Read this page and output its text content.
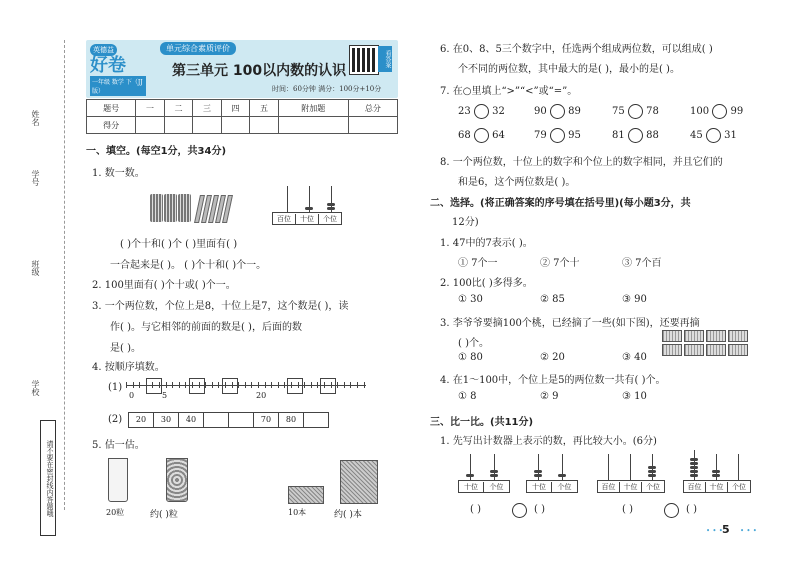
姓名
班级
学号
学校
请不要在密封线内答题哦
英德益
好卷
一年级 数学 下（JJ版）
单元综合素质评价
第三单元 100以内数的认识
看答案
时间：60分钟 满分：100分+10分
题号	一	二	三	四	五	附加题	总分
得分							
一、填空。(每空1分，共34分)
1. 数一数。
百位 十位 个位
( )个十和( )个 ( )里面有( )
一合起来是( )。 ( )个十和( )个一。
2. 100里面有( )个十或( )个一。
3. 一个两位数，个位上是8，十位上是7，这个数是( )，读
作( )。与它相邻的前面的数是( )，后面的数
是( )。
4. 按顺序填数。
(1)
0	5	20
(2)	20	30	40	70	80
5. 估一估。
20粒	约( )粒	10本	约( )本
6. 在0、8、5三个数字中，任选两个组成两位数，可以组成( )
个不同的两位数，其中最大的是( )，最小的是( )。
7. 在○里填上“>”“<”或“=”。
23 32	90 89	75 78	100 99
68 64	79 95	81 88	45 31
8. 一个两位数，十位上的数字和个位上的数字相同，并且它们的
和是6，这个两位数是( )。
二、选择。(将正确答案的序号填在括号里)(每小题3分，共
12分)
1. 47中的7表示( )。
① 7个一	② 7个十	③ 7个百
2. 100比( )多得多。
① 30	② 85	③ 90
3. 李爷爷要摘100个桃，已经摘了一些(如下图)，还要再摘
( )个。
① 80	② 20	③ 40
4. 在1～100中，个位上是5的两位数一共有( )个。
① 8	② 9	③ 10
三、比一比。(共11分)
1. 先写出计数器上表示的数，再比较大小。(6分)
十位 个位	十位 个位	百位 十位 个位	百位 十位 个位
( )	( )	( )	( )
• • • 5 • • •
